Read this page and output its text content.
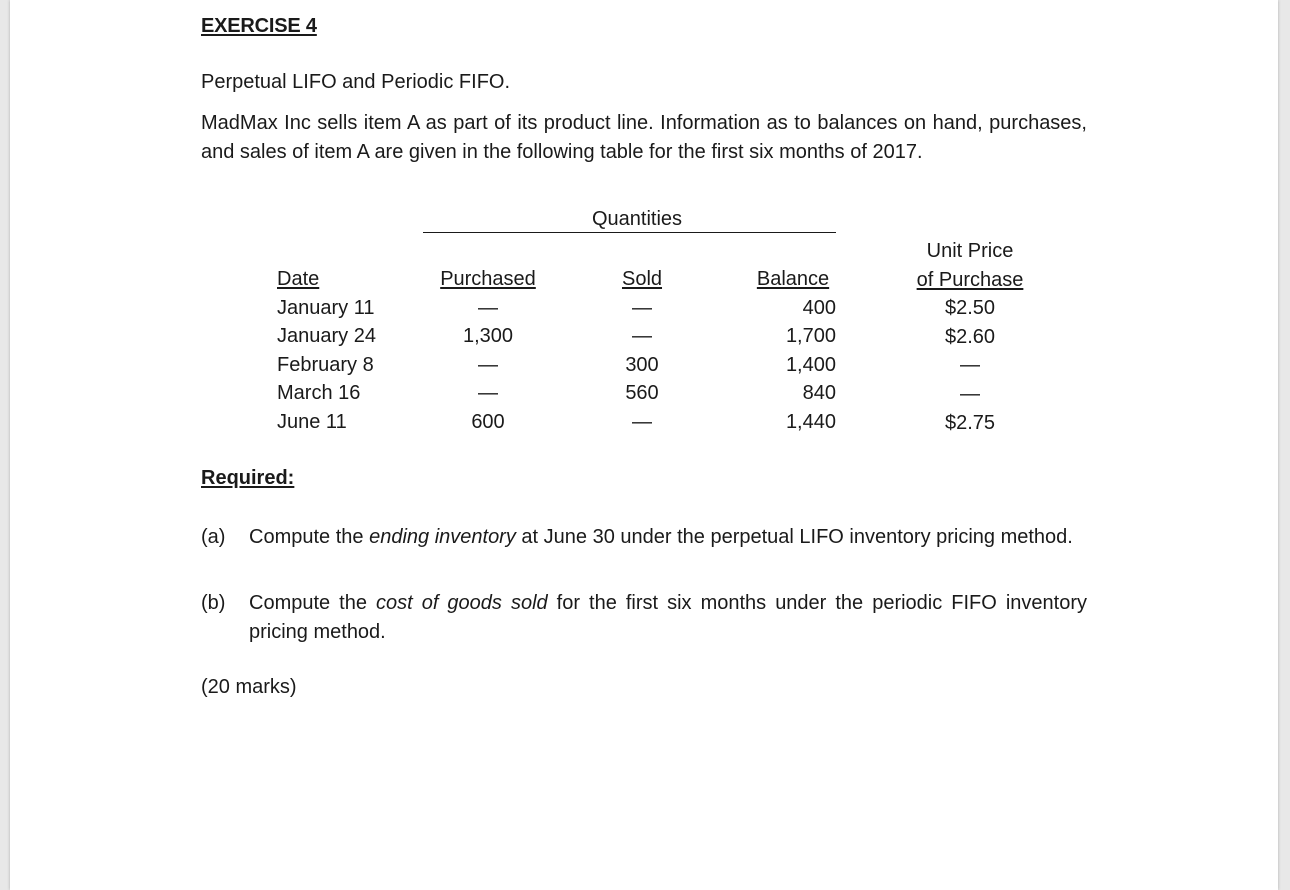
EXERCISE 4
Perpetual LIFO and Periodic FIFO.
MadMax Inc sells item A as part of its product line. Information as to balances on hand, purchases, and sales of item A are given in the following table for the first six months of 2017.
Quantities
Date
January 11
January 24
February 8
March 16
June 11
Purchased
—
1,300
—
—
600
Sold
—
—
300
560
—
Balance
400
1,700
1,400
840
1,440
Unit Price
of Purchase
$2.50
$2.60
—
—
$2.75
Required:
(a) Compute the ending inventory at June 30 under the perpetual LIFO inventory pricing method.
(b) Compute the cost of goods sold for the first six months under the periodic FIFO inventory pricing method.
(20 marks)
